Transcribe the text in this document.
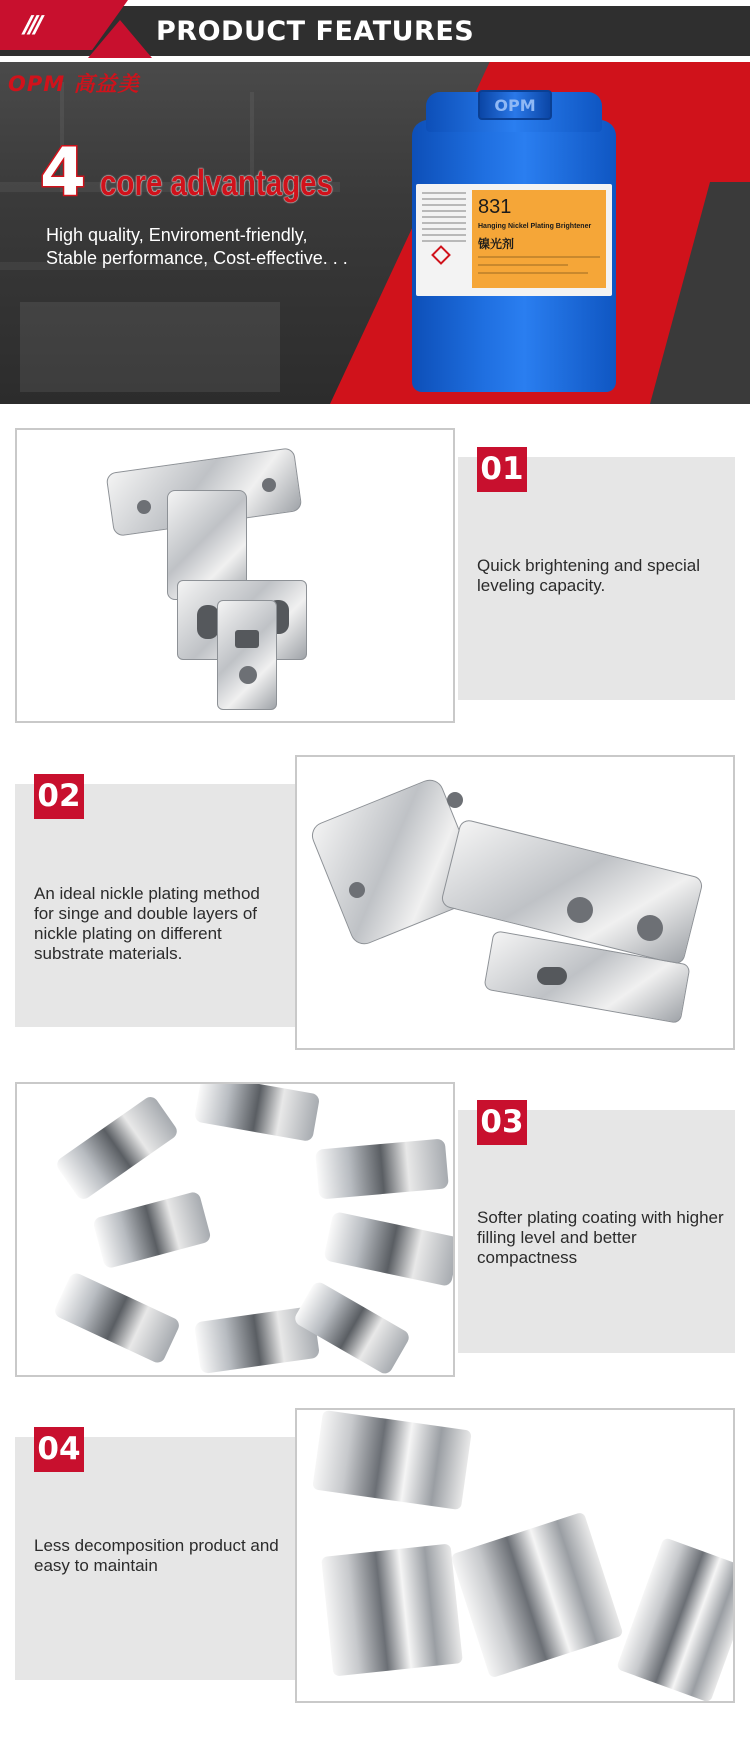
///	PRODUCT FEATURES
OPM 高益美
4 core advantages
High quality, Enviroment-friendly,
Stable performance, Cost-effective. . .
OPM
831
Hanging Nickel Plating Brightener
镍光剂
01
Quick brightening and special leveling capacity.
02
An ideal nickle plating method for singe and double layers of nickle plating on different substrate materials.
03
Softer plating coating with higher filling level and better compactness
04
Less decomposition product and easy to maintain
